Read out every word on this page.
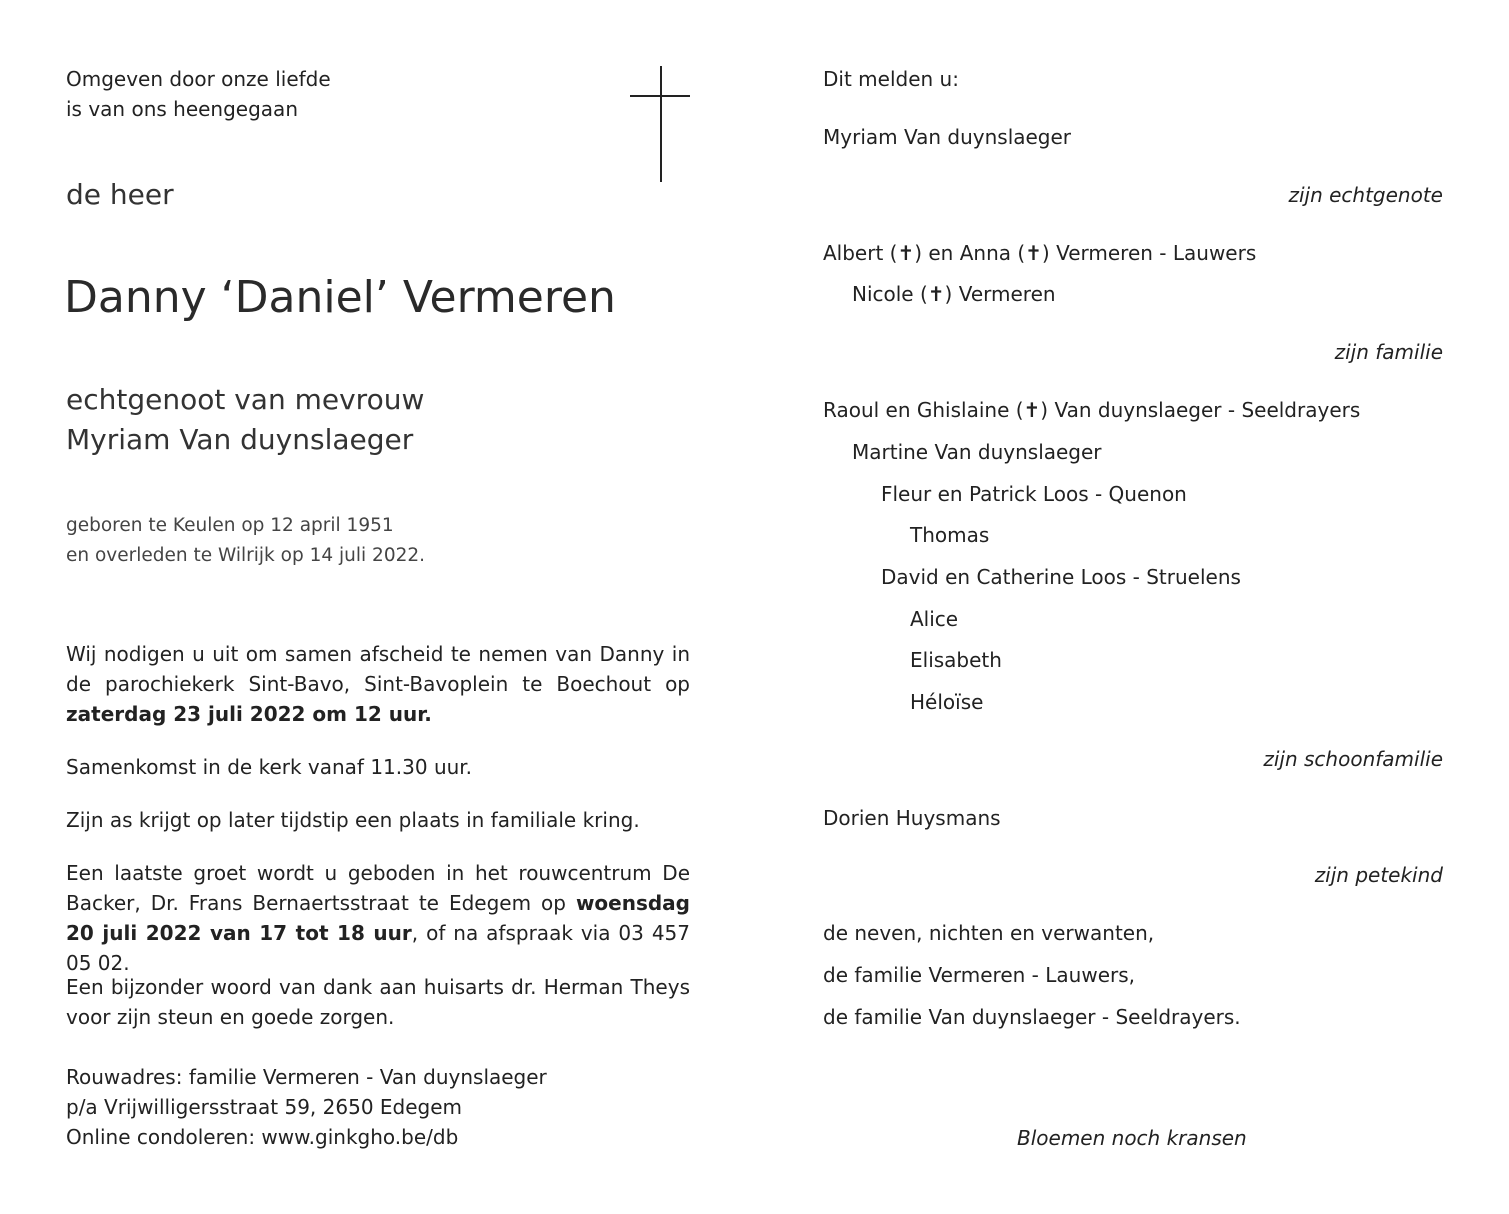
Omgeven door onze liefde
is van ons heengegaan
de heer
Danny ‘Daniel’ Vermeren
echtgenoot van mevrouw
Myriam Van duynslaeger
geboren te Keulen op 12 april 1951
en overleden te Wilrijk op 14 juli 2022.
Wij nodigen u uit om samen afscheid te nemen van Danny in de parochiekerk Sint-Bavo, Sint-Bavoplein te Boechout op zaterdag 23 juli 2022 om 12 uur.
Samenkomst in de kerk vanaf 11.30 uur.
Zijn as krijgt op later tijdstip een plaats in familiale kring.
Een laatste groet wordt u geboden in het rouwcentrum De Backer, Dr. Frans Bernaertsstraat te Edegem op woensdag 20 juli 2022 van 17 tot 18 uur, of na afspraak via 03 457 05 02.
Een bijzonder woord van dank aan huisarts dr. Herman Theys voor zijn steun en goede zorgen.
Rouwadres: familie Vermeren - Van duynslaeger
p/a Vrijwilligersstraat 59, 2650 Edegem
Online condoleren: www.ginkgho.be/db
Dit melden u:
Myriam Van duynslaeger
zijn echtgenote
Albert (✝) en Anna (✝) Vermeren - Lauwers
Nicole (✝) Vermeren
zijn familie
Raoul en Ghislaine (✝) Van duynslaeger - Seeldrayers
Martine Van duynslaeger
Fleur en Patrick Loos - Quenon
Thomas
David en Catherine Loos - Struelens
Alice
Elisabeth
Héloïse
zijn schoonfamilie
Dorien Huysmans
zijn petekind
de neven, nichten en verwanten,
de familie Vermeren - Lauwers,
de familie Van duynslaeger - Seeldrayers.
Bloemen noch kransen
